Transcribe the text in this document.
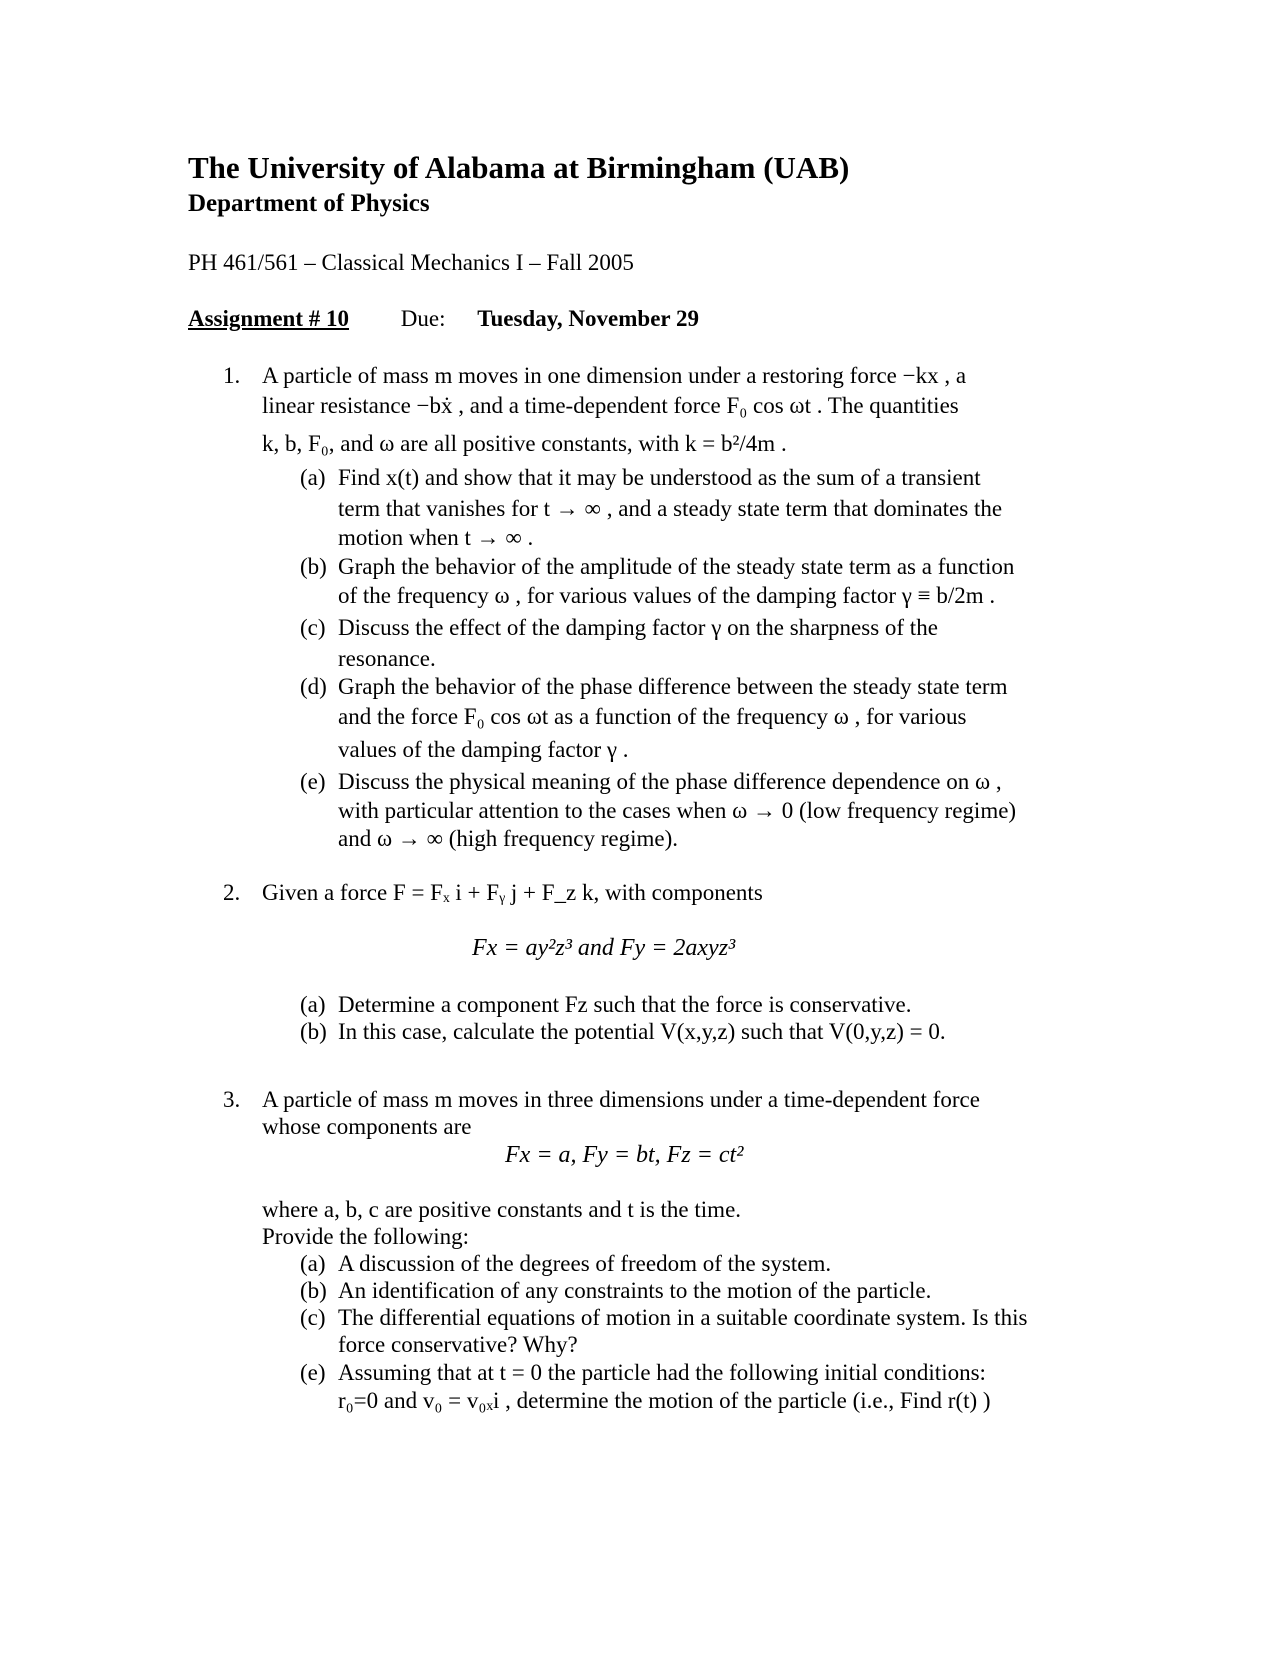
The University of Alabama at Birmingham (UAB)
Department of Physics
PH 461/561 – Classical Mechanics I – Fall 2005
Assignment # 10 Due: Tuesday, November 29
1. A particle of mass m moves in one dimension under a restoring force −kx , a
linear resistance −bẋ , and a time-dependent force F₀ cos ωt . The quantities
k, b, F₀, and ω are all positive constants, with k = b²/4m .
(a) Find x(t) and show that it may be understood as the sum of a transient
term that vanishes for t → ∞ , and a steady state term that dominates the
motion when t → ∞ .
(b) Graph the behavior of the amplitude of the steady state term as a function
of the frequency ω , for various values of the damping factor γ ≡ b/2m .
(c) Discuss the effect of the damping factor γ on the sharpness of the
resonance.
(d) Graph the behavior of the phase difference between the steady state term
and the force F₀ cos ωt as a function of the frequency ω , for various
values of the damping factor γ .
(e) Discuss the physical meaning of the phase difference dependence on ω ,
with particular attention to the cases when ω → 0 (low frequency regime)
and ω → ∞ (high frequency regime).
2. Given a force F = Fₓ i + Fᵧ j + F_z k, with components
Fx = ay²z³ and Fy = 2axyz³
(a) Determine a component Fz such that the force is conservative.
(b) In this case, calculate the potential V(x,y,z) such that V(0,y,z) = 0.
3. A particle of mass m moves in three dimensions under a time-dependent force
whose components are
Fx = a, Fy = bt, Fz = ct²
where a, b, c are positive constants and t is the time.
Provide the following:
(a) A discussion of the degrees of freedom of the system.
(b) An identification of any constraints to the motion of the particle.
(c) The differential equations of motion in a suitable coordinate system. Is this
force conservative? Why?
(e) Assuming that at t = 0 the particle had the following initial conditions:
r₀=0 and v₀ = v₀ₓi , determine the motion of the particle (i.e., Find r(t) )
